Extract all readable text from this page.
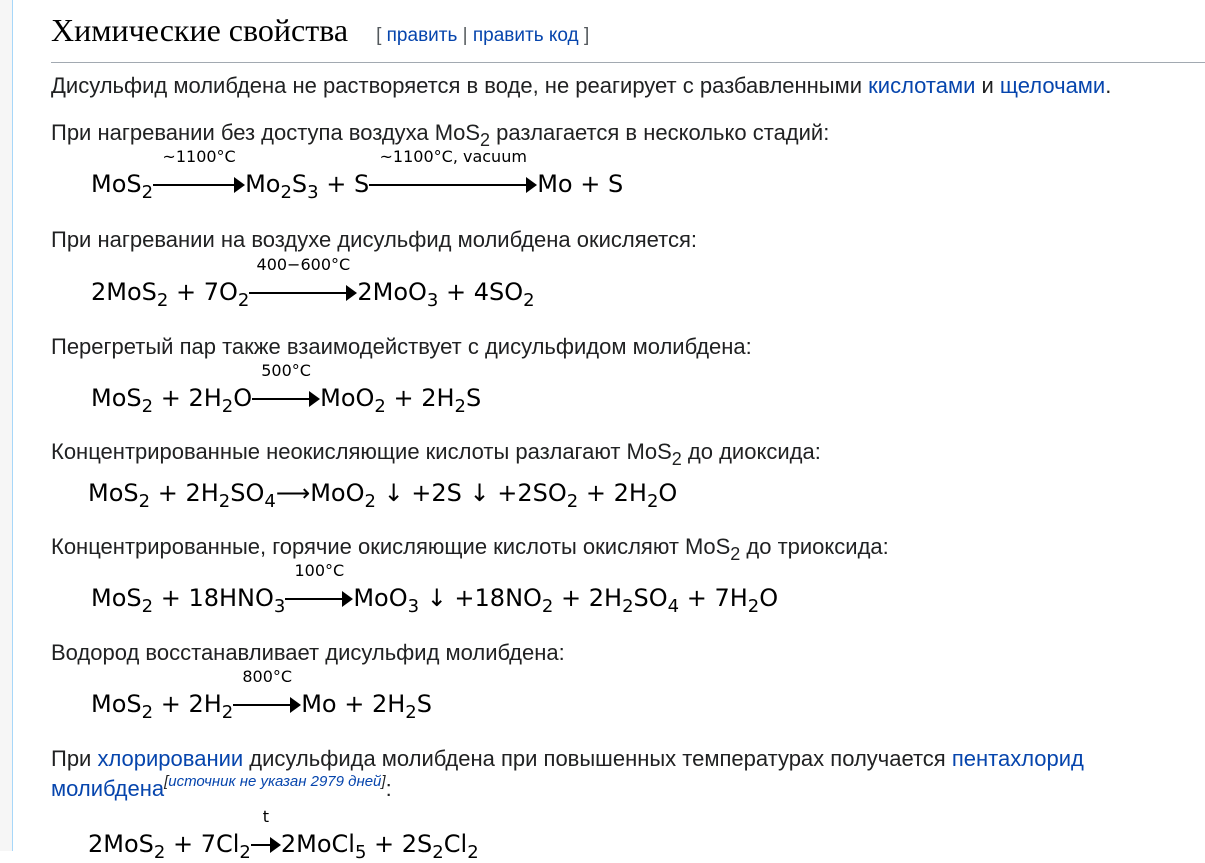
Химические свойства [ править | править код ]
Дисульфид молибдена не растворяется в воде, не реагирует с разбавленными кислотами и щелочами.
При нагревании без доступа воздуха MoS$_2$ разлагается в несколько стадий:
MoS$_2$
~1100°C
$Mo_2S_3 + S$
~1100°C, vacuum
Mo + S
При нагревании на воздухе дисульфид молибдена окисляется:
$2MoS_2 + 7O_2$
400−600°C
$2MoO_3 + 4SO_2$
Перегретый пар также взаимодействует с дисульфидом молибдена:
$MoS_2 + 2H_2O$
500°C
$MoO_2 + 2H_2S$
Концентрированные неокисляющие кислоты разлагают MoS$_2$ до диоксида:
$MoS_2 + 2H_2SO_4⟶MoO_2$ ↓ +2S ↓ $+2SO_2 + 2H_2O$
Концентрированные, горячие окисляющие кислоты окисляют MoS$_2$ до триоксида:
$MoS_2 + 18HNO_3$
100°C
MoO$_3$ ↓ $+18NO_2 + 2H_2SO_4 + 7H_2O$
Водород восстанавливает дисульфид молибдена:
$MoS_2 + 2H_2$
800°C
$Mo + 2H_2S$
При хлорировании дисульфида молибдена при повышенных температурах получается пентахлорид
молибдена[источник не указан 2979 дней]:
$2MoS_2 + 7Cl_2$
t
2MoCl$_5$ + $2S_2Cl_2$
